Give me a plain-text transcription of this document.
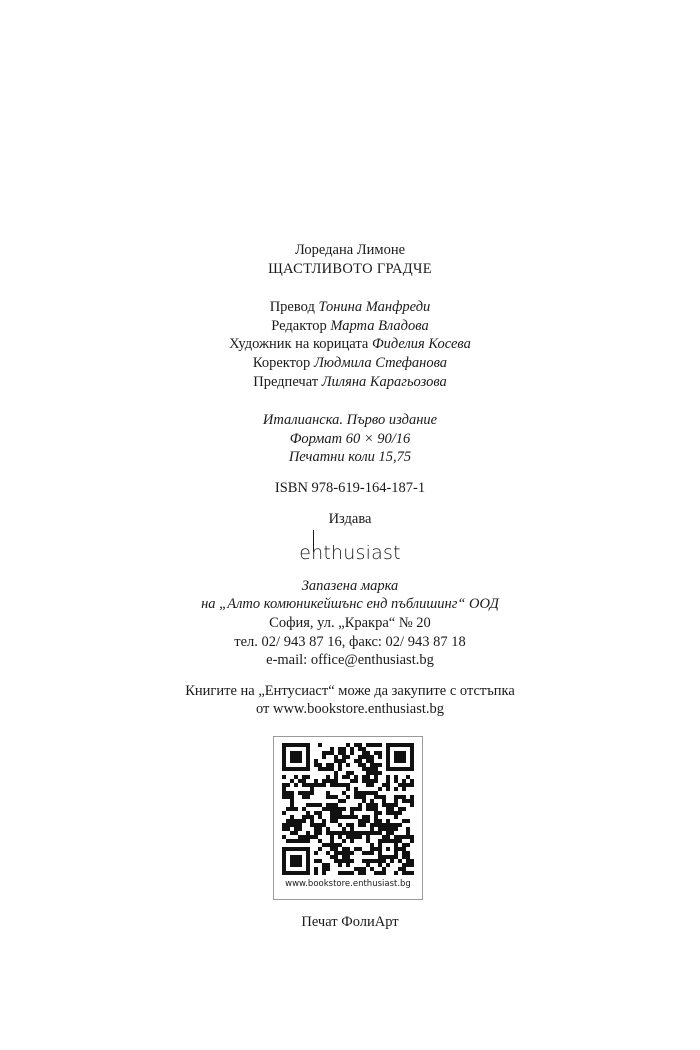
Лоредана Лимоне
ЩАСТЛИВОТО ГРАДЧЕ
Превод Тонина Манфреди
Редактор Марта Владова
Художник на корицата Фиделия Косева
Коректор Людмила Стефанова
Предпечат Лиляна Карагьозова
Италианска. Първо издание
Формат 60 × 90/16
Печатни коли 15,75
ISBN 978-619-164-187-1
Издава
enthusiast
Запазена марка
на „Алто комюникейшънс енд пъблишинг“ ООД
София, ул. „Кракра“ № 20
тел. 02/ 943 87 16, факс: 02/ 943 87 18
e-mail: office@enthusiast.bg
Книгите на „Ентусиаст“ може да закупите с отстъпка
от www.bookstore.enthusiast.bg
www.bookstore.enthusiast.bg
Печат ФолиАрт
